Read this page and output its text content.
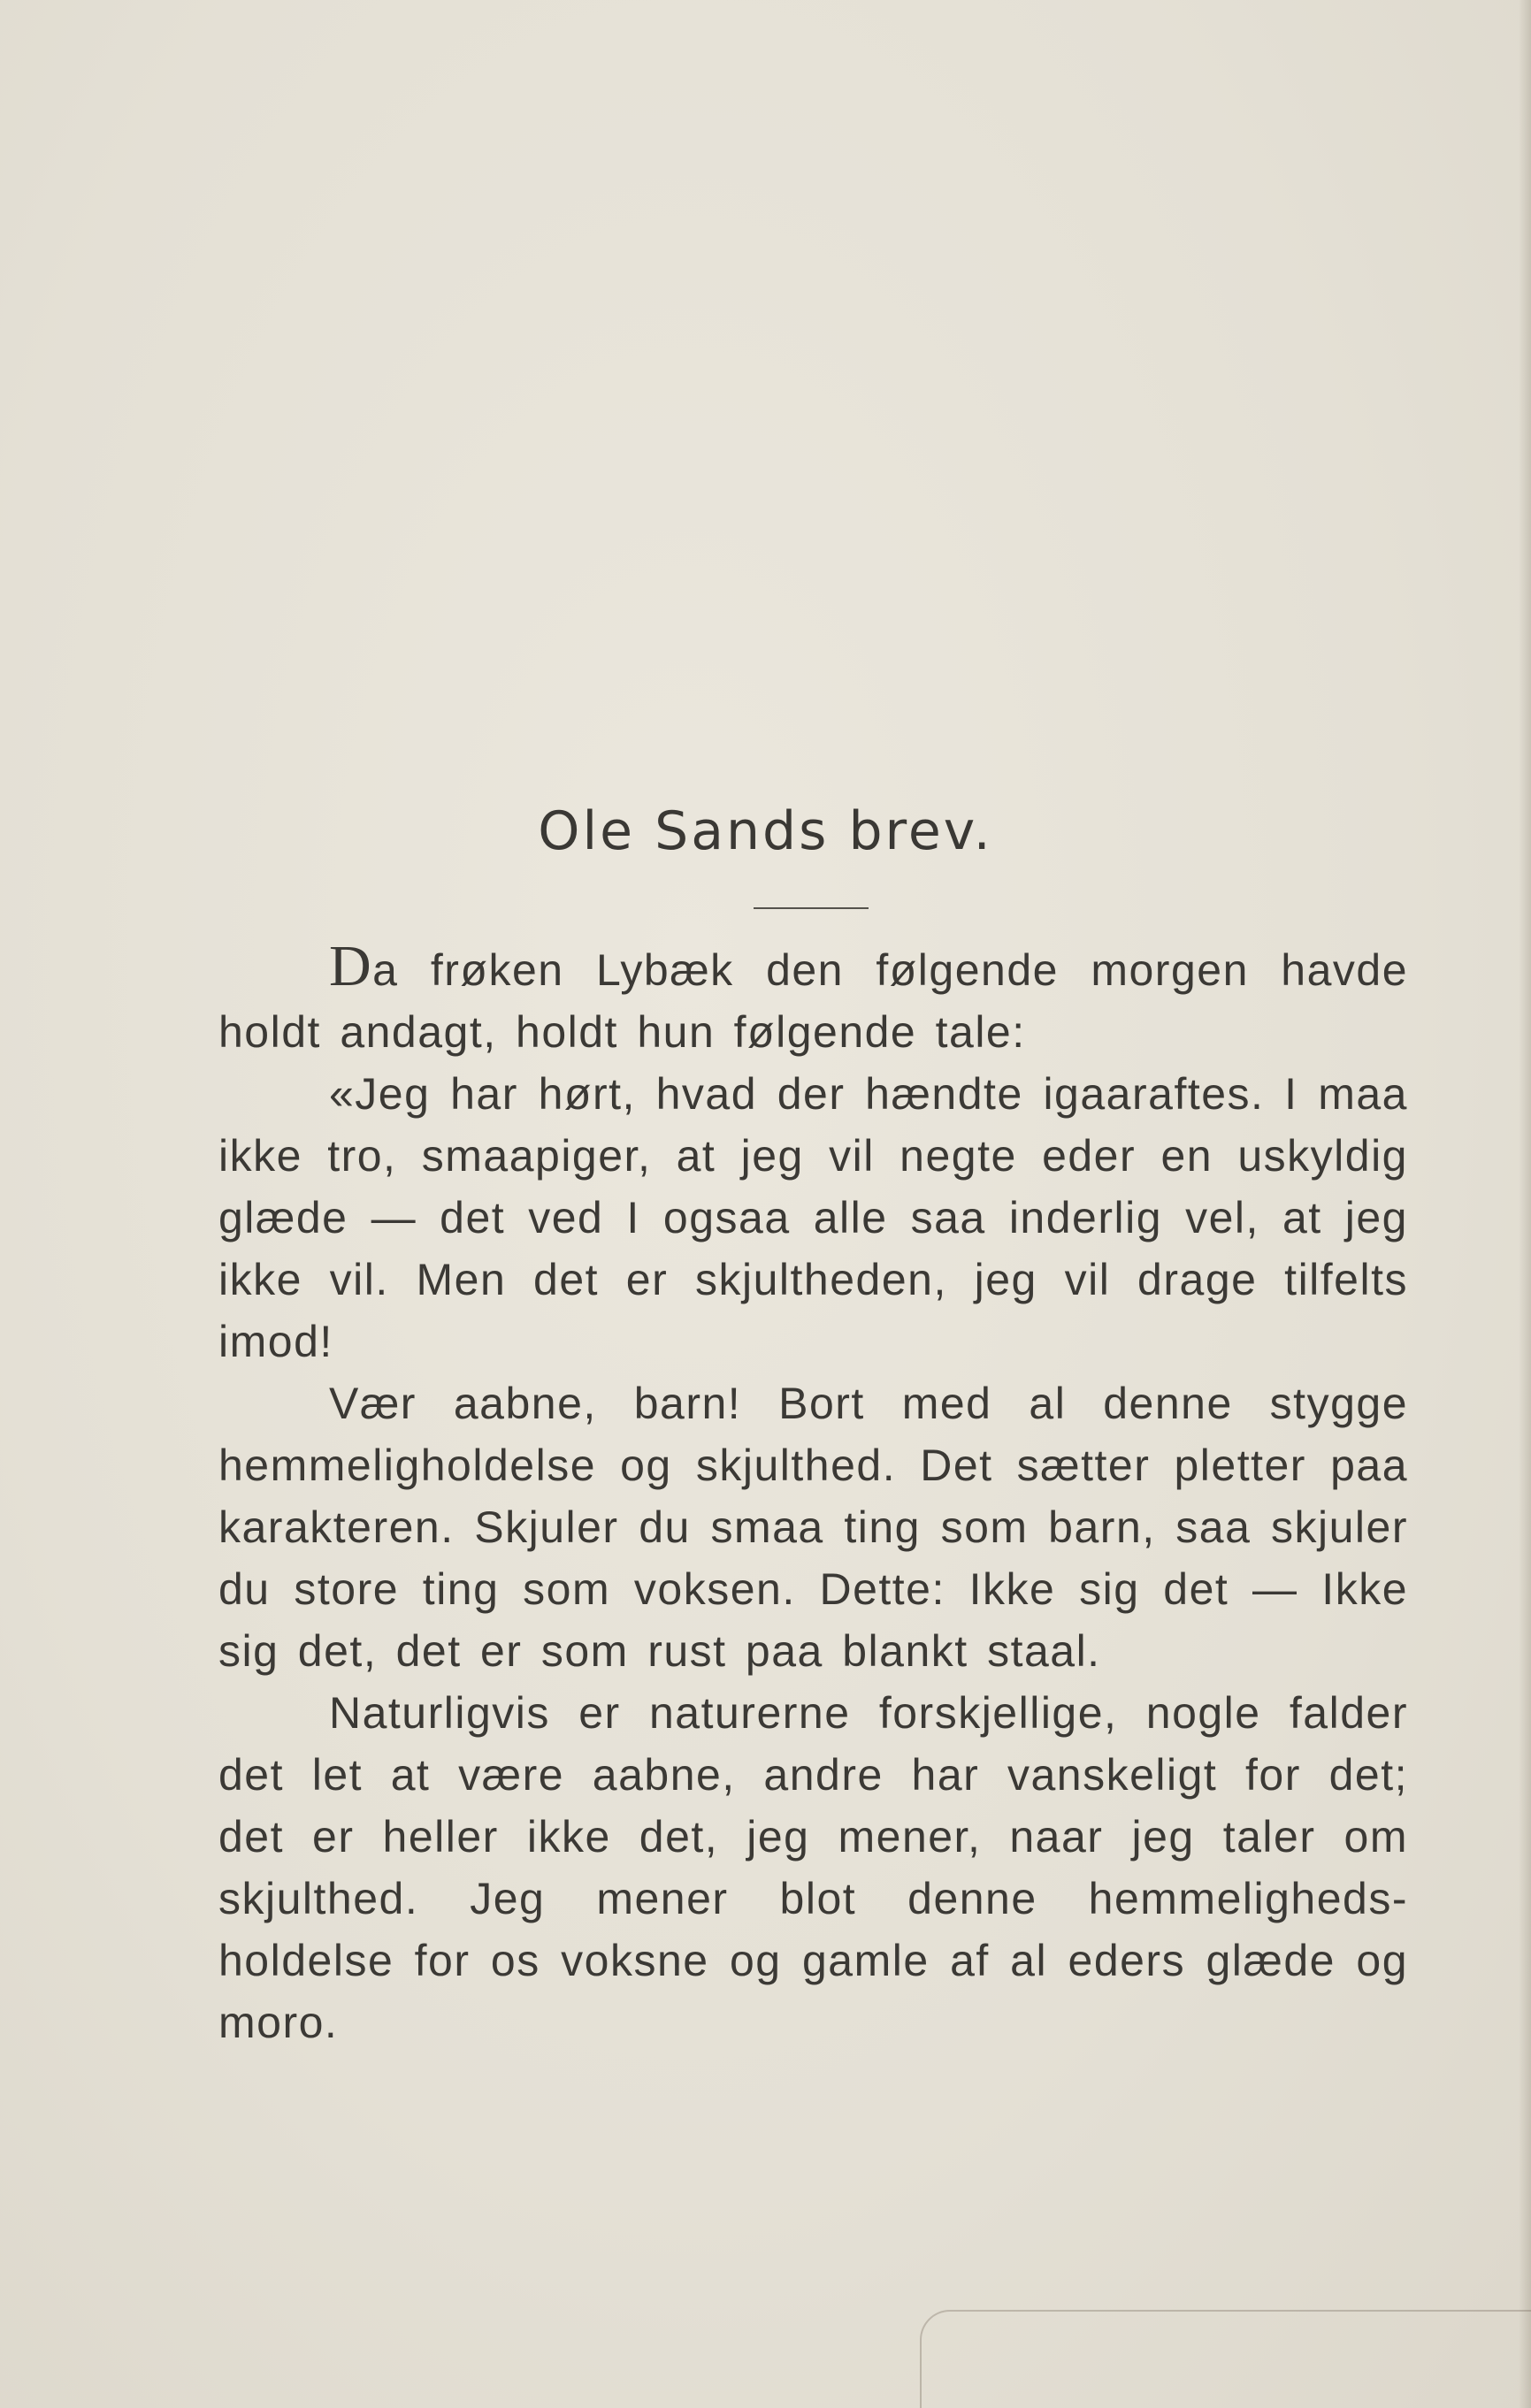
Ole Sands brev.

Da frøken Lybæk den følgende morgen havde holdt andagt, holdt hun følgende tale:

«Jeg har hørt, hvad der hændte igaaraftes. I maa ikke tro, smaapiger, at jeg vil negte eder en uskyldig glæde — det ved I ogsaa alle saa inderlig vel, at jeg ikke vil. Men det er skjultheden, jeg vil drage tilfelts imod!

Vær aabne, barn! Bort med al denne stygge hemmeligholdelse og skjulthed. Det sætter pletter paa karakteren. Skjuler du smaa ting som barn, saa skjuler du store ting som voksen. Dette: Ikke sig det — Ikke sig det, det er som rust paa blankt staal.

Naturligvis er naturerne forskjellige, nogle falder det let at være aabne, andre har vanskeligt for det; det er heller ikke det, jeg mener, naar jeg taler om skjulthed. Jeg mener blot denne hemmeligheds-holdelse for os voksne og gamle af al eders glæde og moro.
